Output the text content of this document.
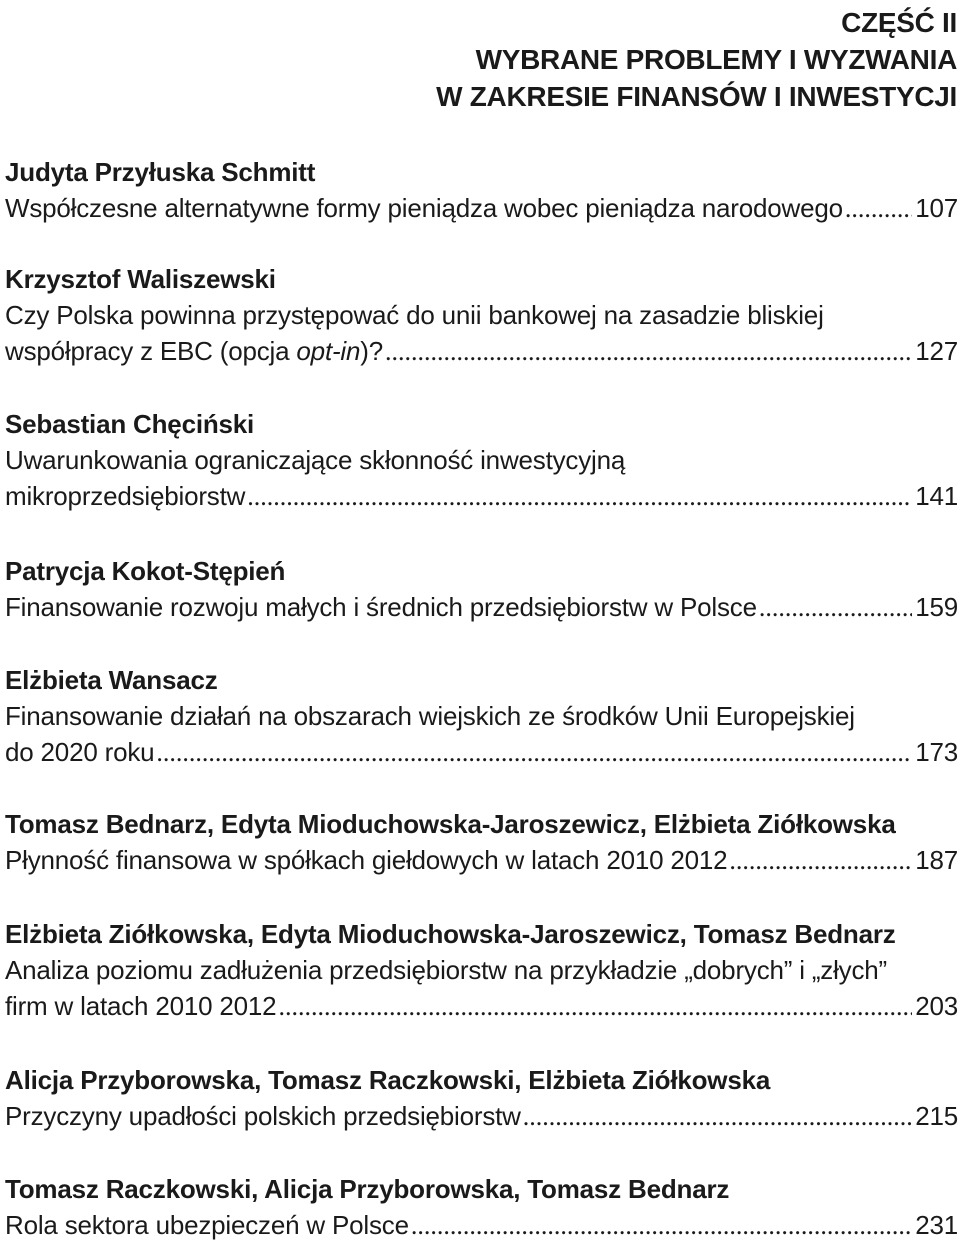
CZĘŚĆ II
WYBRANE PROBLEMY I WYZWANIA
W ZAKRESIE FINANSÓW I INWESTYCJI
Judyta Przyłuska Schmitt
Współczesne alternatywne formy pieniądza wobec pieniądza narodowego .....	107
Krzysztof Waliszewski
Czy Polska powinna przystępować do unii bankowej na zasadzie bliskiej
współpracy z EBC (opcja opt-in)? .....	127
Sebastian Chęciński
Uwarunkowania ograniczające skłonność inwestycyjną
mikroprzedsiębiorstw .....	141
Patrycja Kokot-Stępień
Finansowanie rozwoju małych i średnich przedsiębiorstw w Polsce .....	159
Elżbieta Wansacz
Finansowanie działań na obszarach wiejskich ze środków Unii Europejskiej
do 2020 roku .....	173
Tomasz Bednarz, Edyta Mioduchowska-Jaroszewicz, Elżbieta Ziółkowska
Płynność finansowa w spółkach giełdowych w latach 2010 2012 .....	187
Elżbieta Ziółkowska, Edyta Mioduchowska-Jaroszewicz, Tomasz Bednarz
Analiza poziomu zadłużenia przedsiębiorstw na przykładzie „dobrych” i „złych”
firm w latach 2010 2012 .....	203
Alicja Przyborowska, Tomasz Raczkowski, Elżbieta Ziółkowska
Przyczyny upadłości polskich przedsiębiorstw .....	215
Tomasz Raczkowski, Alicja Przyborowska, Tomasz Bednarz
Rola sektora ubezpieczeń w Polsce .....	231
